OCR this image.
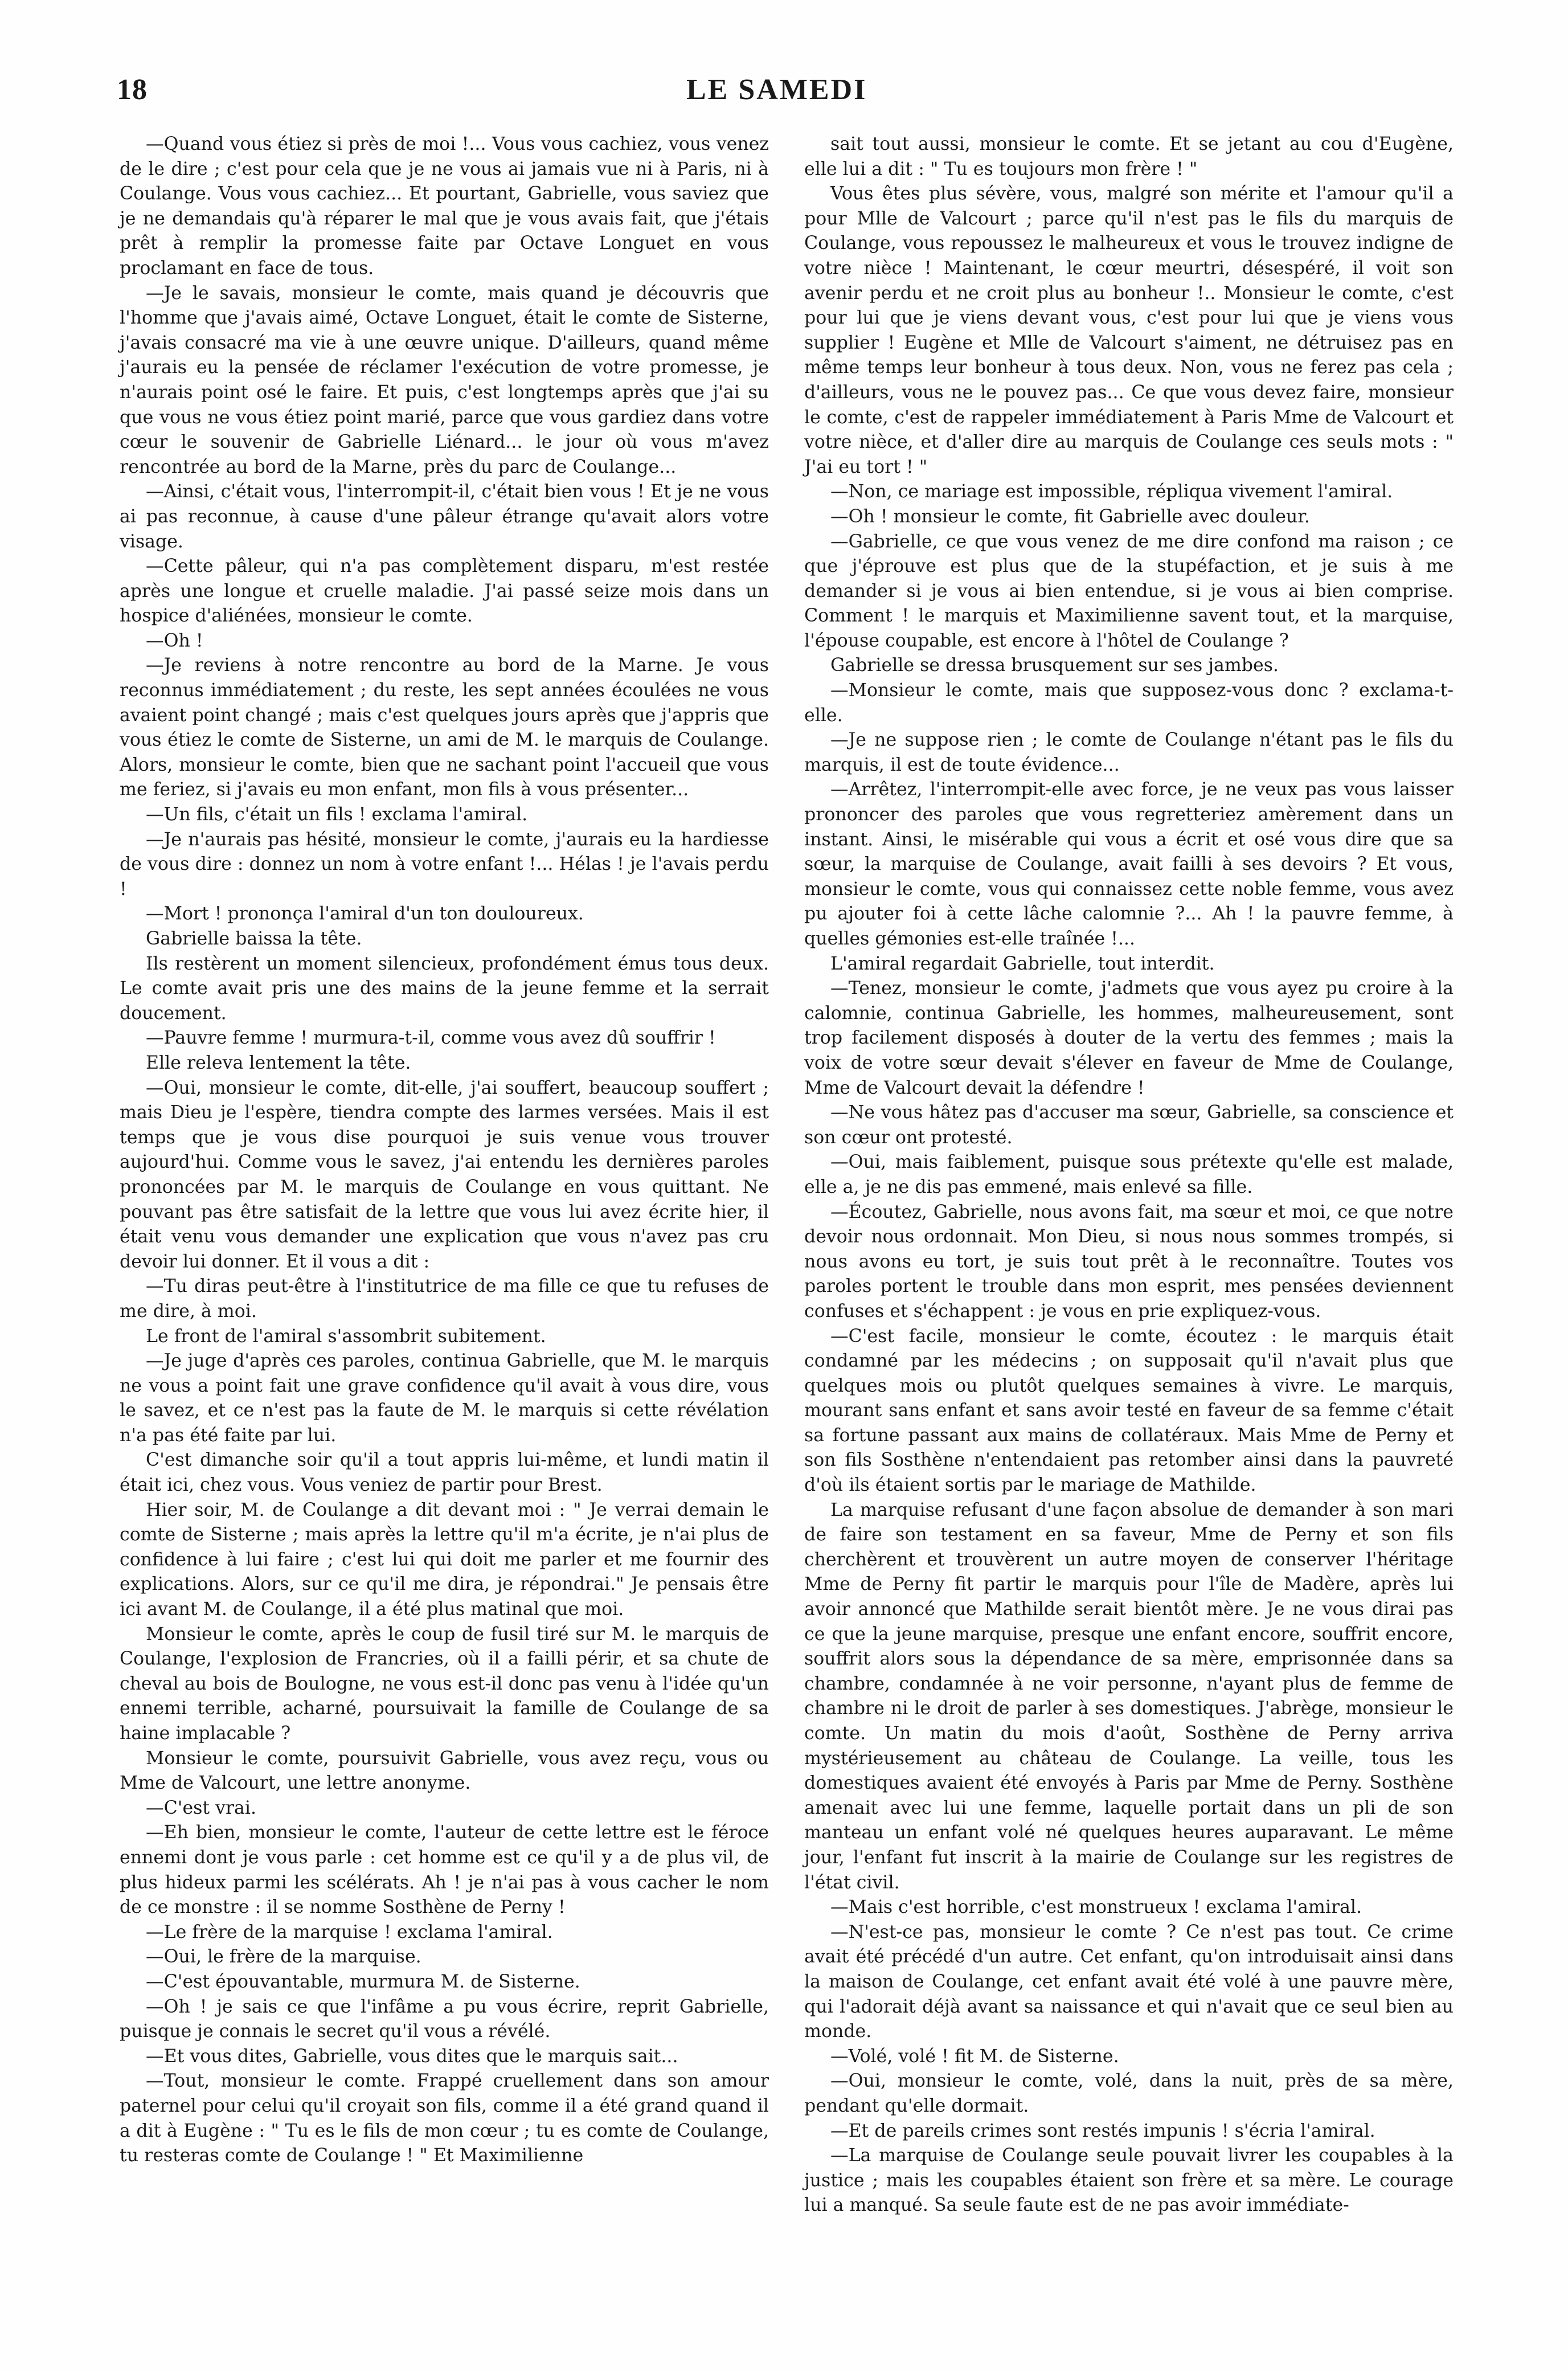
18	LE SAMEDI

—Quand vous étiez si près de moi !... Vous vous cachiez, vous venez de le dire ; c'est pour cela que je ne vous ai jamais vue ni à Paris, ni à Coulange. Vous vous cachiez... Et pourtant, Gabrielle, vous saviez que je ne demandais qu'à réparer le mal que je vous avais fait, que j'étais prêt à remplir la promesse faite par Octave Longuet en vous proclamant en face de tous.

—Je le savais, monsieur le comte, mais quand je découvris que l'homme que j'avais aimé, Octave Longuet, était le comte de Sisterne, j'avais consacré ma vie à une œuvre unique. D'ailleurs, quand même j'aurais eu la pensée de réclamer l'exécution de votre promesse, je n'aurais point osé le faire. Et puis, c'est longtemps après que j'ai su que vous ne vous étiez point marié, parce que vous gardiez dans votre cœur le souvenir de Gabrielle Liénard... le jour où vous m'avez rencontrée au bord de la Marne, près du parc de Coulange...

—Ainsi, c'était vous, l'interrompit-il, c'était bien vous ! Et je ne vous ai pas reconnue, à cause d'une pâleur étrange qu'avait alors votre visage.

—Cette pâleur, qui n'a pas complètement disparu, m'est restée après une longue et cruelle maladie. J'ai passé seize mois dans un hospice d'aliénées, monsieur le comte.

—Oh !

—Je reviens à notre rencontre au bord de la Marne. Je vous reconnus immédiatement ; du reste, les sept années écoulées ne vous avaient point changé ; mais c'est quelques jours après que j'appris que vous étiez le comte de Sisterne, un ami de M. le marquis de Coulange. Alors, monsieur le comte, bien que ne sachant point l'accueil que vous me feriez, si j'avais eu mon enfant, mon fils à vous présenter...

—Un fils, c'était un fils ! exclama l'amiral.

—Je n'aurais pas hésité, monsieur le comte, j'aurais eu la hardiesse de vous dire : donnez un nom à votre enfant !... Hélas ! je l'avais perdu !

—Mort ! prononça l'amiral d'un ton douloureux.

Gabrielle baissa la tête.

Ils restèrent un moment silencieux, profondément émus tous deux. Le comte avait pris une des mains de la jeune femme et la serrait doucement.

—Pauvre femme ! murmura-t-il, comme vous avez dû souffrir !

Elle releva lentement la tête.

—Oui, monsieur le comte, dit-elle, j'ai souffert, beaucoup souffert ; mais Dieu je l'espère, tiendra compte des larmes versées. Mais il est temps que je vous dise pourquoi je suis venue vous trouver aujourd'hui. Comme vous le savez, j'ai entendu les dernières paroles prononcées par M. le marquis de Coulange en vous quittant. Ne pouvant pas être satisfait de la lettre que vous lui avez écrite hier, il était venu vous demander une explication que vous n'avez pas cru devoir lui donner. Et il vous a dit :

—Tu diras peut-être à l'institutrice de ma fille ce que tu refuses de me dire, à moi.

Le front de l'amiral s'assombrit subitement.

—Je juge d'après ces paroles, continua Gabrielle, que M. le marquis ne vous a point fait une grave confidence qu'il avait à vous dire, vous le savez, et ce n'est pas la faute de M. le marquis si cette révélation n'a pas été faite par lui.

C'est dimanche soir qu'il a tout appris lui-même, et lundi matin il était ici, chez vous. Vous veniez de partir pour Brest.

Hier soir, M. de Coulange a dit devant moi : " Je verrai demain le comte de Sisterne ; mais après la lettre qu'il m'a écrite, je n'ai plus de confidence à lui faire ; c'est lui qui doit me parler et me fournir des explications. Alors, sur ce qu'il me dira, je répondrai." Je pensais être ici avant M. de Coulange, il a été plus matinal que moi.

Monsieur le comte, après le coup de fusil tiré sur M. le marquis de Coulange, l'explosion de Francries, où il a failli périr, et sa chute de cheval au bois de Boulogne, ne vous est-il donc pas venu à l'idée qu'un ennemi terrible, acharné, poursuivait la famille de Coulange de sa haine implacable ?

Monsieur le comte, poursuivit Gabrielle, vous avez reçu, vous ou Mme de Valcourt, une lettre anonyme.

—C'est vrai.

—Eh bien, monsieur le comte, l'auteur de cette lettre est le féroce ennemi dont je vous parle : cet homme est ce qu'il y a de plus vil, de plus hideux parmi les scélérats. Ah ! je n'ai pas à vous cacher le nom de ce monstre : il se nomme Sosthène de Perny !

—Le frère de la marquise ! exclama l'amiral.

—Oui, le frère de la marquise.

—C'est épouvantable, murmura M. de Sisterne.

—Oh ! je sais ce que l'infâme a pu vous écrire, reprit Gabrielle, puisque je connais le secret qu'il vous a révélé.

—Et vous dites, Gabrielle, vous dites que le marquis sait...

—Tout, monsieur le comte. Frappé cruellement dans son amour paternel pour celui qu'il croyait son fils, comme il a été grand quand il a dit à Eugène : " Tu es le fils de mon cœur ; tu es comte de Coulange, tu resteras comte de Coulange ! " Et Maximilienne

sait tout aussi, monsieur le comte. Et se jetant au cou d'Eugène, elle lui a dit : " Tu es toujours mon frère ! "

Vous êtes plus sévère, vous, malgré son mérite et l'amour qu'il a pour Mlle de Valcourt ; parce qu'il n'est pas le fils du marquis de Coulange, vous repoussez le malheureux et vous le trouvez indigne de votre nièce ! Maintenant, le cœur meurtri, désespéré, il voit son avenir perdu et ne croit plus au bonheur !.. Monsieur le comte, c'est pour lui que je viens devant vous, c'est pour lui que je viens vous supplier ! Eugène et Mlle de Valcourt s'aiment, ne détruisez pas en même temps leur bonheur à tous deux. Non, vous ne ferez pas cela ; d'ailleurs, vous ne le pouvez pas... Ce que vous devez faire, monsieur le comte, c'est de rappeler immédiatement à Paris Mme de Valcourt et votre nièce, et d'aller dire au marquis de Coulange ces seuls mots : " J'ai eu tort ! "

—Non, ce mariage est impossible, répliqua vivement l'amiral.

—Oh ! monsieur le comte, fit Gabrielle avec douleur.

—Gabrielle, ce que vous venez de me dire confond ma raison ; ce que j'éprouve est plus que de la stupéfaction, et je suis à me demander si je vous ai bien entendue, si je vous ai bien comprise. Comment ! le marquis et Maximilienne savent tout, et la marquise, l'épouse coupable, est encore à l'hôtel de Coulange ?

Gabrielle se dressa brusquement sur ses jambes.

—Monsieur le comte, mais que supposez-vous donc ? exclama-t-elle.

—Je ne suppose rien ; le comte de Coulange n'étant pas le fils du marquis, il est de toute évidence...

—Arrêtez, l'interrompit-elle avec force, je ne veux pas vous laisser prononcer des paroles que vous regretteriez amèrement dans un instant. Ainsi, le misérable qui vous a écrit et osé vous dire que sa sœur, la marquise de Coulange, avait failli à ses devoirs ? Et vous, monsieur le comte, vous qui connaissez cette noble femme, vous avez pu ajouter foi à cette lâche calomnie ?... Ah ! la pauvre femme, à quelles gémonies est-elle traînée !...

L'amiral regardait Gabrielle, tout interdit.

—Tenez, monsieur le comte, j'admets que vous ayez pu croire à la calomnie, continua Gabrielle, les hommes, malheureusement, sont trop facilement disposés à douter de la vertu des femmes ; mais la voix de votre sœur devait s'élever en faveur de Mme de Coulange, Mme de Valcourt devait la défendre !

—Ne vous hâtez pas d'accuser ma sœur, Gabrielle, sa conscience et son cœur ont protesté.

—Oui, mais faiblement, puisque sous prétexte qu'elle est malade, elle a, je ne dis pas emmené, mais enlevé sa fille.

—Écoutez, Gabrielle, nous avons fait, ma sœur et moi, ce que notre devoir nous ordonnait. Mon Dieu, si nous nous sommes trompés, si nous avons eu tort, je suis tout prêt à le reconnaître. Toutes vos paroles portent le trouble dans mon esprit, mes pensées deviennent confuses et s'échappent : je vous en prie expliquez-vous.

—C'est facile, monsieur le comte, écoutez : le marquis était condamné par les médecins ; on supposait qu'il n'avait plus que quelques mois ou plutôt quelques semaines à vivre. Le marquis, mourant sans enfant et sans avoir testé en faveur de sa femme c'était sa fortune passant aux mains de collatéraux. Mais Mme de Perny et son fils Sosthène n'entendaient pas retomber ainsi dans la pauvreté d'où ils étaient sortis par le mariage de Mathilde.

La marquise refusant d'une façon absolue de demander à son mari de faire son testament en sa faveur, Mme de Perny et son fils cherchèrent et trouvèrent un autre moyen de conserver l'héritage Mme de Perny fit partir le marquis pour l'île de Madère, après lui avoir annoncé que Mathilde serait bientôt mère. Je ne vous dirai pas ce que la jeune marquise, presque une enfant encore, souffrit encore, souffrit alors sous la dépendance de sa mère, emprisonnée dans sa chambre, condamnée à ne voir personne, n'ayant plus de femme de chambre ni le droit de parler à ses domestiques. J'abrège, monsieur le comte. Un matin du mois d'août, Sosthène de Perny arriva mystérieusement au château de Coulange. La veille, tous les domestiques avaient été envoyés à Paris par Mme de Perny. Sosthène amenait avec lui une femme, laquelle portait dans un pli de son manteau un enfant volé né quelques heures auparavant. Le même jour, l'enfant fut inscrit à la mairie de Coulange sur les registres de l'état civil.

—Mais c'est horrible, c'est monstrueux ! exclama l'amiral.

—N'est-ce pas, monsieur le comte ? Ce n'est pas tout. Ce crime avait été précédé d'un autre. Cet enfant, qu'on introduisait ainsi dans la maison de Coulange, cet enfant avait été volé à une pauvre mère, qui l'adorait déjà avant sa naissance et qui n'avait que ce seul bien au monde.

—Volé, volé ! fit M. de Sisterne.

—Oui, monsieur le comte, volé, dans la nuit, près de sa mère, pendant qu'elle dormait.

—Et de pareils crimes sont restés impunis ! s'écria l'amiral.

—La marquise de Coulange seule pouvait livrer les coupables à la justice ; mais les coupables étaient son frère et sa mère. Le courage lui a manqué. Sa seule faute est de ne pas avoir immédiate-
